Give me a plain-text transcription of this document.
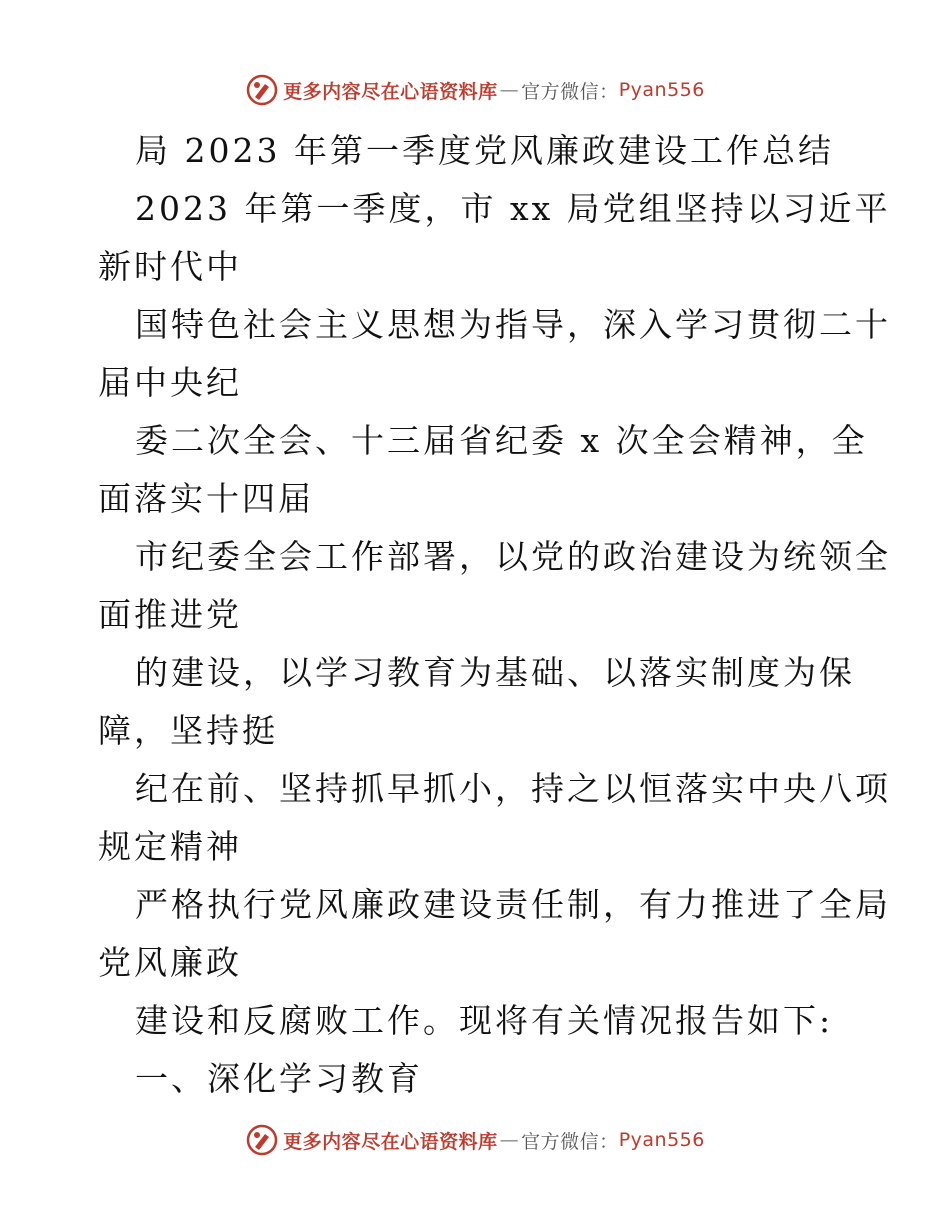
更多内容尽在心语资料库 — 官方微信： Pyan556
局 2023 年第一季度党风廉政建设工作总结
2023 年第一季度，市 xx 局党组坚持以习近平
新时代中
国特色社会主义思想为指导，深入学习贯彻二十
届中央纪
委二次全会、十三届省纪委 x 次全会精神，全
面落实十四届
市纪委全会工作部署，以党的政治建设为统领全
面推进党
的建设，以学习教育为基础、以落实制度为保
障，坚持挺
纪在前、坚持抓早抓小，持之以恒落实中央八项
规定精神
严格执行党风廉政建设责任制，有力推进了全局
党风廉政
建设和反腐败工作。现将有关情况报告如下:
一、深化学习教育
更多内容尽在心语资料库 — 官方微信： Pyan556
